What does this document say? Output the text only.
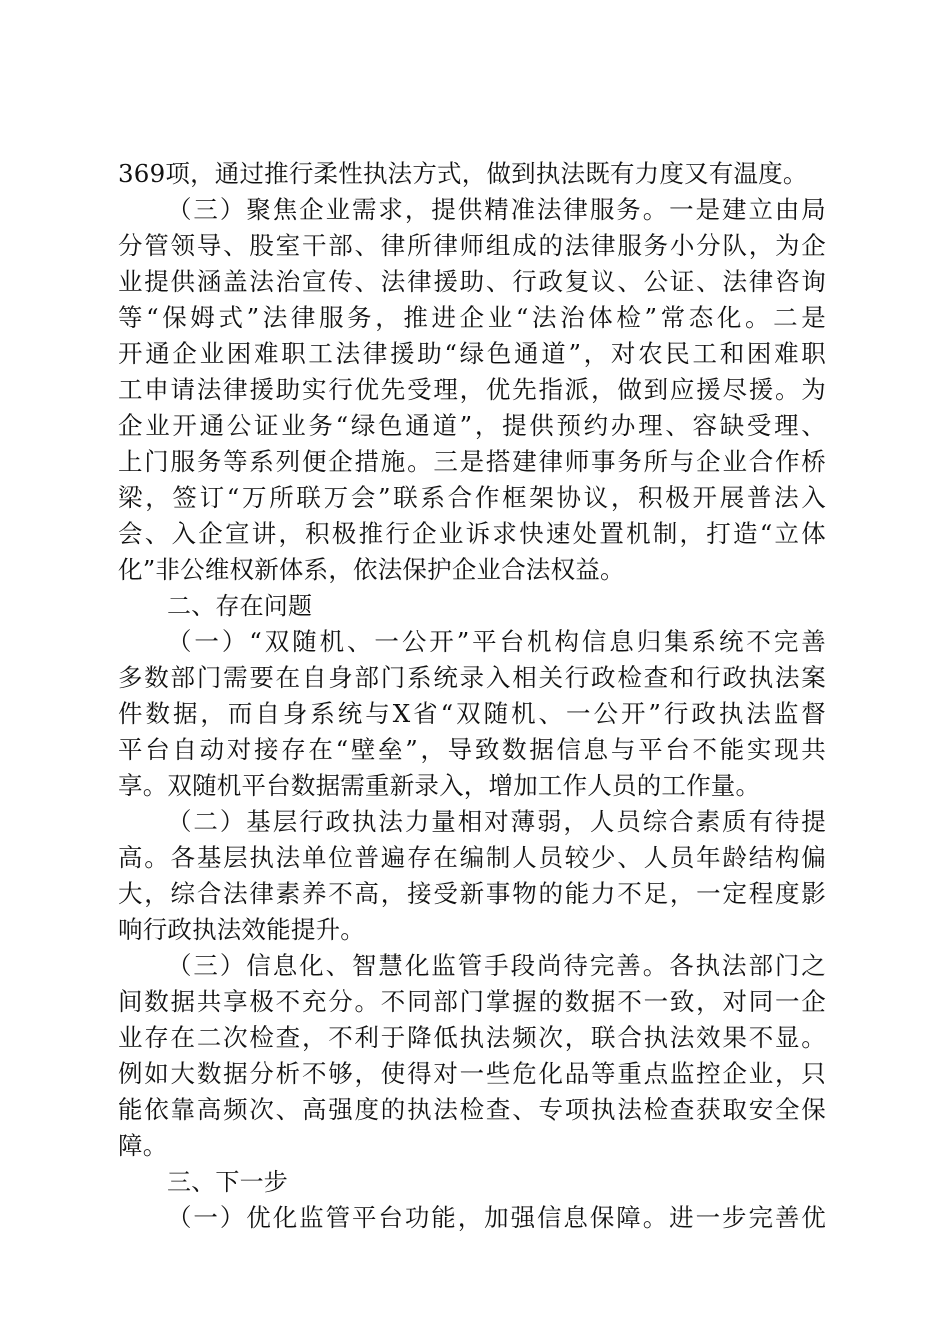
369项，通过推行柔性执法方式，做到执法既有力度又有温度。
（三）聚焦企业需求，提供精准法律服务。一是建立由局
分管领导、股室干部、律所律师组成的法律服务小分队，为企
业提供涵盖法治宣传、法律援助、行政复议、公证、法律咨询
等“保姆式”法律服务，推进企业“法治体检”常态化。二是
开通企业困难职工法律援助“绿色通道”，对农民工和困难职
工申请法律援助实行优先受理，优先指派，做到应援尽援。为
企业开通公证业务“绿色通道”，提供预约办理、容缺受理、
上门服务等系列便企措施。三是搭建律师事务所与企业合作桥
梁，签订“万所联万会”联系合作框架协议，积极开展普法入
会、入企宣讲，积极推行企业诉求快速处置机制，打造“立体
化”非公维权新体系，依法保护企业合法权益。
二、存在问题
（一）“双随机、一公开”平台机构信息归集系统不完善
多数部门需要在自身部门系统录入相关行政检查和行政执法案
件数据，而自身系统与X省“双随机、一公开”行政执法监督
平台自动对接存在“壁垒”，导致数据信息与平台不能实现共
享。双随机平台数据需重新录入，增加工作人员的工作量。
（二）基层行政执法力量相对薄弱，人员综合素质有待提
高。各基层执法单位普遍存在编制人员较少、人员年龄结构偏
大，综合法律素养不高，接受新事物的能力不足，一定程度影
响行政执法效能提升。
（三）信息化、智慧化监管手段尚待完善。各执法部门之
间数据共享极不充分。不同部门掌握的数据不一致，对同一企
业存在二次检查，不利于降低执法频次，联合执法效果不显。
例如大数据分析不够，使得对一些危化品等重点监控企业，只
能依靠高频次、高强度的执法检查、专项执法检查获取安全保
障。
三、下一步
（一）优化监管平台功能，加强信息保障。进一步完善优
